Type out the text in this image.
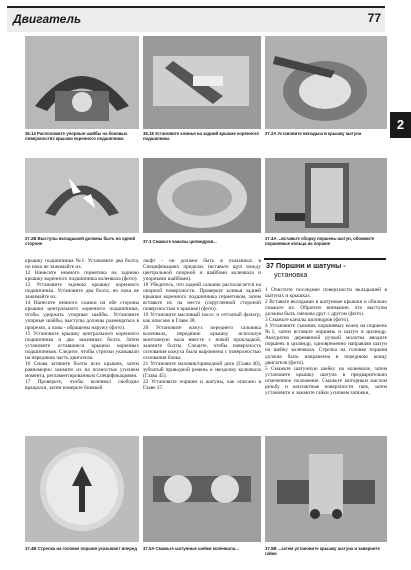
Двигатель	77
2
36.14 Расположите упорные шайбы на боковых поверхностях крышки коренного подшипника
36.18 Установите клинья на задний крышке коренного подшипника
37.2A Установите вкладыш в крышку шатуна
37.2B Выступы вкладышей должны быть на одной стороне	37.3 Смажьте каналы цилиндров...
37.4A ...вставьте сборку поршень-шатун, обожмите поршневые кольца на поршне

крышку подшипника №1. Установите два болта, но пока не зажимайте их.

12 Нанесите немного герметика на заднюю крышку коренного подшипника коленвала (фото).

13 Установите заднюю крышку коренного подшипника. Установите два болта, но пока не зажимайте их.

14 Нанесите немного смазки на обе стороны крышки центрального коренного подшипника, чтобы удержать упорные шайбы. Установите упорные шайбы, выступы должны размещаться в прорезях, а пазы - обращены наружу (фото).

15 Установите крышку центрального коренного подшипника и два зажимных болта. Затем установите оставшиеся крышки коренных подшипников. Следите, чтобы стрелки указывали на переднюю часть двигателя.

16 Снова затяните болты всех крышек, затем равномерно зажмите их на полностью усилием момента, регламентированным Спецификациями.

17 Проверьте, чтобы коленвал свободно вращался, затем измерьте боковой

люфт - он должен быть в указанных в Спецификациях пределах (вставьте щуп между центральной опорной и шайбами коленвала и упорными шайбами).

18 Убедитесь, что задний сальник располагается на опорной поверхности. Проверьте клинья задней крышки коренного подшипника герметиком, затем вставьте их на место (скругленной стороной поверхностью к крышке) (фото).

19 Установите масляный насос и сетчатый фильтр, как описано в Главе 38.

20 Установите кожух переднего сальника коленвала, переднюю крышку используя монтажную вала вместе с новой прокладкой, зажмите болты. Следите, чтобы поверхность основания кожуха была выровнена с поверхностью основания блока.

21 Установите маховик/приводной диск (Глава 40), зубчатый приводной ремень и звездочку коленвала (Глава 45).

22 Установите поршни и шатуны, как описано в Главе 37.

37 Поршни и шатуны -
установка

1 Очистите последние поверхности вкладышей в шатунах и крышках.

2 Вставьте вкладыши в шатунные крышки и обильно смажьте их. Обратите внимание, что выступы должны быть смежны друг с другом (фото).

3 Смажьте каналы цилиндров (фото).

4 Установите съемник поршневых колец на поршень №1, затем вставьте поршень и шатун в цилиндр. Аккуратно деревянной ручкой молотка вводите поршень в цилиндр, одновременно направляя шатун на шейку коленвала. Стрелка на головке поршня должна быть направлена в переднюю концу двигателя (фото).

5 Смажьте шатунную шейку на коленвале, затем установите крышку шатуна в предварительно отмеченное положение. Смажьте моторным маслом резьбу и контактные поверхности гаек, затем установите и зажмите гайки усилием затяжки,

37.4B Стрелка на головке поршня указывает вперед	37.5A Смажьте шатунные шейки коленвала...	37.5B ...затем установите крышку шатуна и заверните гайки
